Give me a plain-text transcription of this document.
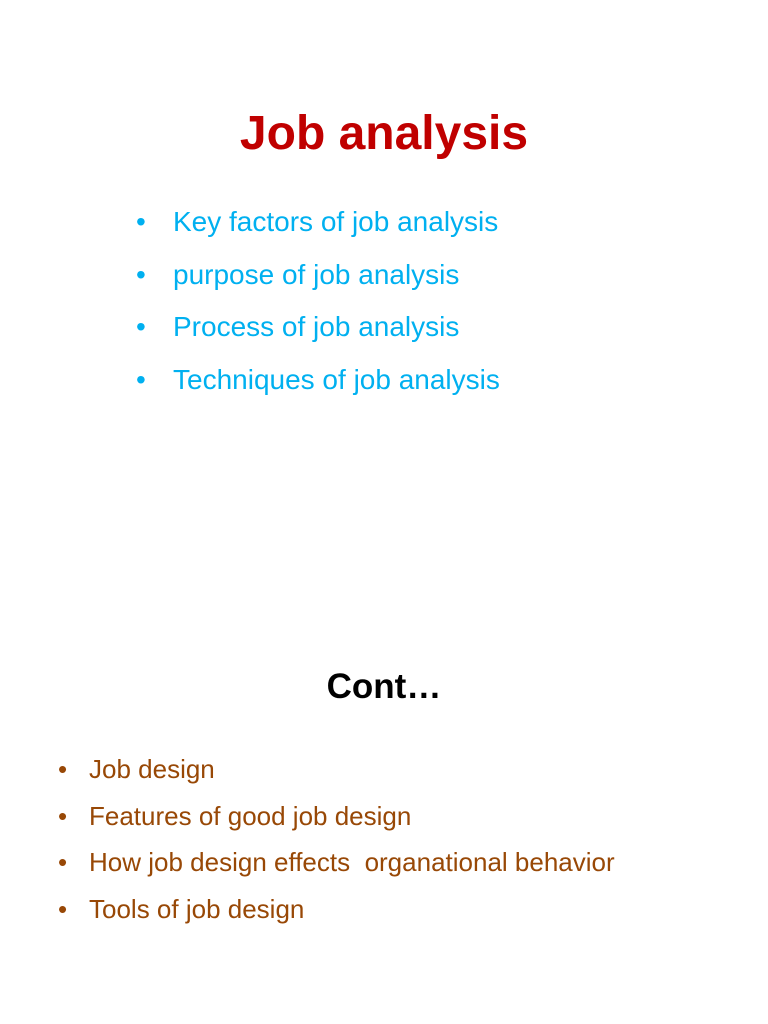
Job analysis
• Key factors of job analysis
• purpose of job analysis
• Process of job analysis
• Techniques of job analysis
Cont…
• Job design
• Features of good job design
• How job design effects  organational behavior
• Tools of job design
